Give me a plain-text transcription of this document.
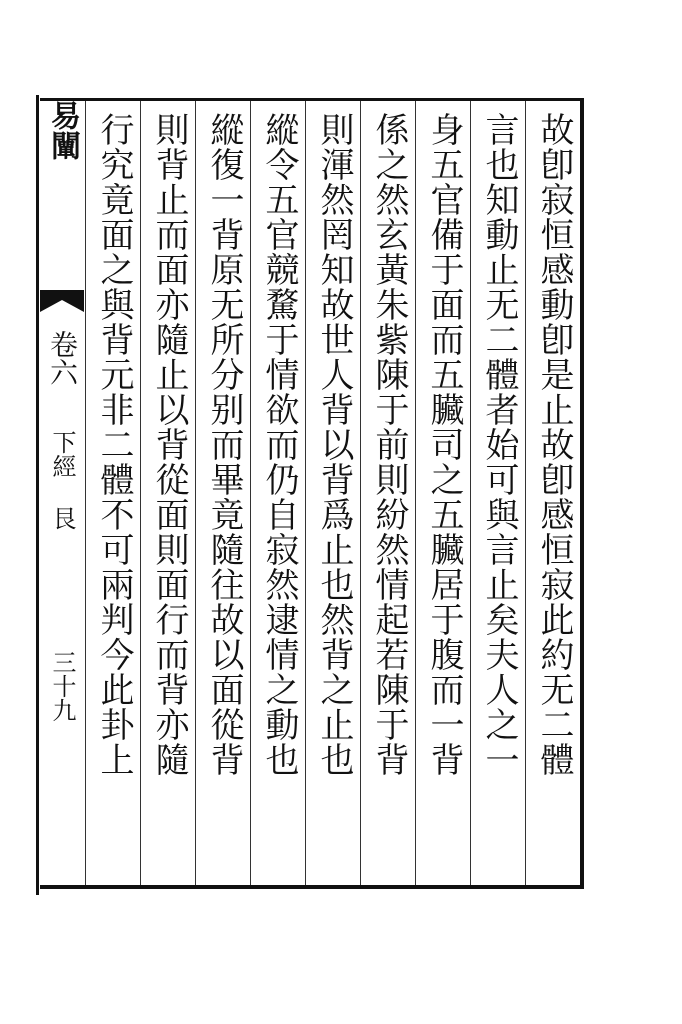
易闡
卷六
下經 艮
三十九	故卽寂恒感動卽是止故卽感恒寂此約无二體
言也知動止无二體者始可與言止矣夫人之一
身五官備于面而五臟司之五臟居于腹而一背
係之然玄黃朱紫陳于前則紛然情起若陳于背
則渾然罔知故世人背以背爲止也然背之止也
縱令五官競騖于情欲而仍自寂然逮情之動也
縱復一背原无所分别而畢竟隨往故以面從背
則背止而面亦隨止以背從面則面行而背亦隨
行究竟面之與背元非二體不可兩判今此卦上
